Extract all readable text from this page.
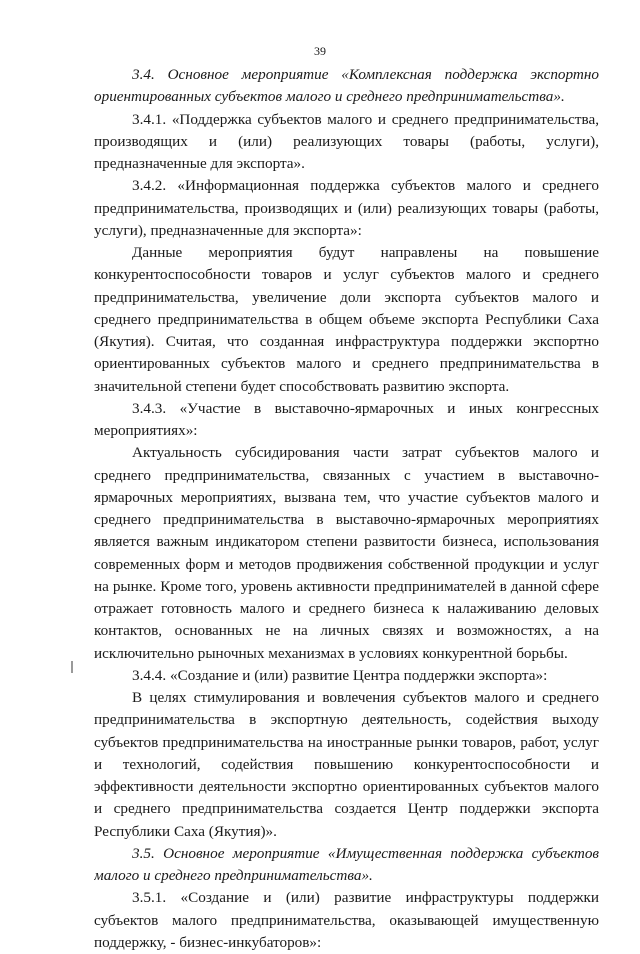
39
3.4. Основное мероприятие «Комплексная поддержка экспортно
ориентированных субъектов малого и среднего предпринимательства».
3.4.1. «Поддержка субъектов малого и среднего предпринимательства,
производящих и (или) реализующих товары (работы, услуги),
предназначенные для экспорта».
3.4.2. «Информационная поддержка субъектов малого и среднего
предпринимательства, производящих и (или) реализующих товары (работы,
услуги), предназначенные для экспорта»:
Данные мероприятия будут направлены на повышение
конкурентоспособности товаров и услуг субъектов малого и среднего
предпринимательства, увеличение доли экспорта субъектов малого и
среднего предпринимательства в общем объеме экспорта Республики Саха
(Якутия). Считая, что созданная инфраструктура поддержки экспортно
ориентированных субъектов малого и среднего предпринимательства в
значительной степени будет способствовать развитию экспорта.
3.4.3. «Участие в выставочно-ярмарочных и иных конгрессных
мероприятиях»:
Актуальность субсидирования части затрат субъектов малого и
среднего предпринимательства, связанных с участием в выставочно-
ярмарочных мероприятиях, вызвана тем, что участие субъектов малого и
среднего предпринимательства в выставочно-ярмарочных мероприятиях
является важным индикатором степени развитости бизнеса, использования
современных форм и методов продвижения собственной продукции и услуг
на рынке. Кроме того, уровень активности предпринимателей в данной сфере
отражает готовность малого и среднего бизнеса к налаживанию деловых
контактов, основанных не на личных связях и возможностях, а на
исключительно рыночных механизмах в условиях конкурентной борьбы.
3.4.4. «Создание и (или) развитие Центра поддержки экспорта»:
В целях стимулирования и вовлечения субъектов малого и среднего
предпринимательства в экспортную деятельность, содействия выходу
субъектов предпринимательства на иностранные рынки товаров, работ, услуг
и технологий, содействия повышению конкурентоспособности и
эффективности деятельности экспортно ориентированных субъектов малого
и среднего предпринимательства создается Центр поддержки экспорта
Республики Саха (Якутия)».
3.5. Основное мероприятие «Имущественная поддержка субъектов
малого и среднего предпринимательства».
3.5.1. «Создание и (или) развитие инфраструктуры поддержки
субъектов малого предпринимательства, оказывающей имущественную
поддержку, - бизнес-инкубаторов»:
